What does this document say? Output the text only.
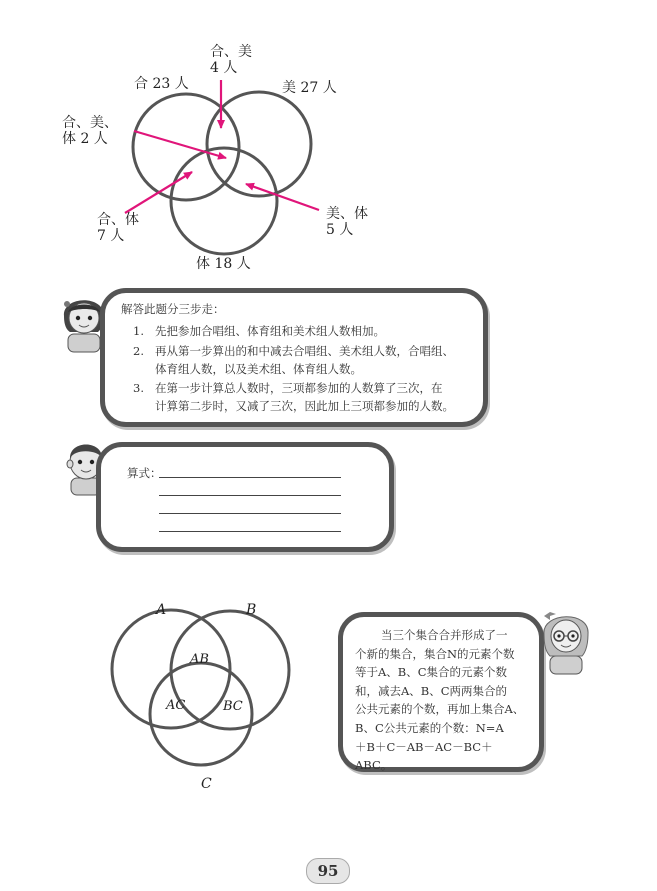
合 23 人	美 27 人
体 18 人
合、美
4 人
合、美、
体 2 人
合、体
7 人
美、体
5 人
解答此题分三步走：
1. 先把参加合唱组、体育组和美术组人数相加。
2. 再从第一步算出的和中减去合唱组、美术组人数，合唱组、
体育组人数，以及美术组、体育组人数。
3. 在第一步计算总人数时，三项都参加的人数算了三次，在
计算第二步时，又减了三次，因此加上三项都参加的人数。
算式：
A	B
C
AB
AC	BC
当三个集合合并形成了一
个新的集合，集合N的元素个数
等于A、B、C集合的元素个数
和，减去A、B、C两两集合的
公共元素的个数，再加上集合A、
B、C公共元素的个数：N=A
＋B＋C－AB－AC－BC＋
ABC。
95
